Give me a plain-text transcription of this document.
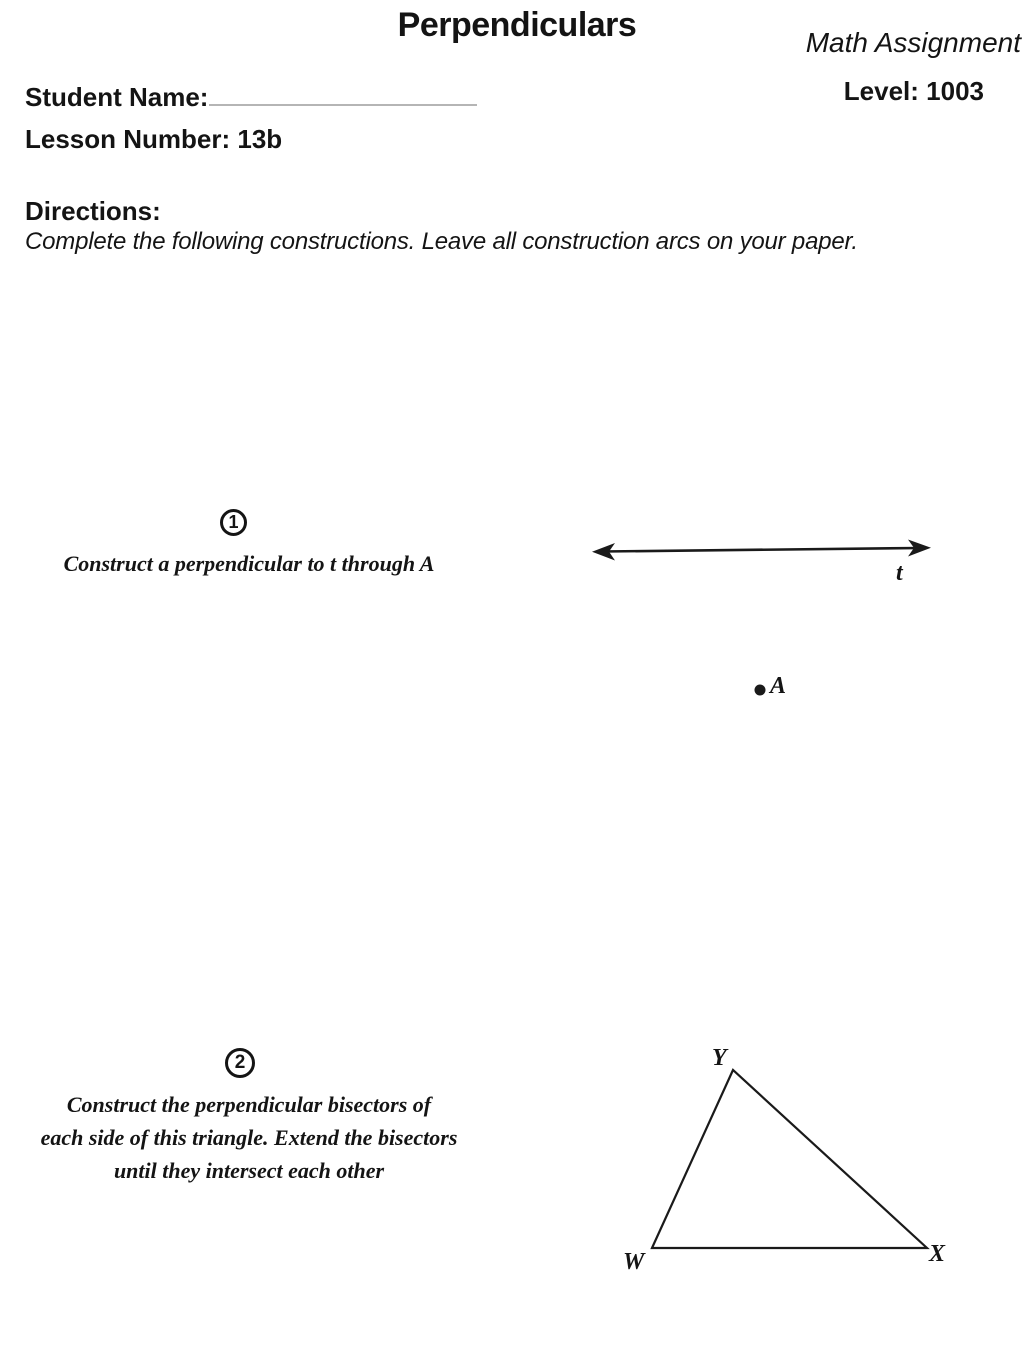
Perpendiculars	Math Assignment
Student Name:	Level: 1003
Lesson Number: 13b
Directions:
Complete the following constructions. Leave all construction arcs on your paper.
1
Construct a perpendicular to t through A	t
A
2
Construct the perpendicular bisectors of
each side of this triangle. Extend the bisectors
until they intersect each other
Y
W	X
